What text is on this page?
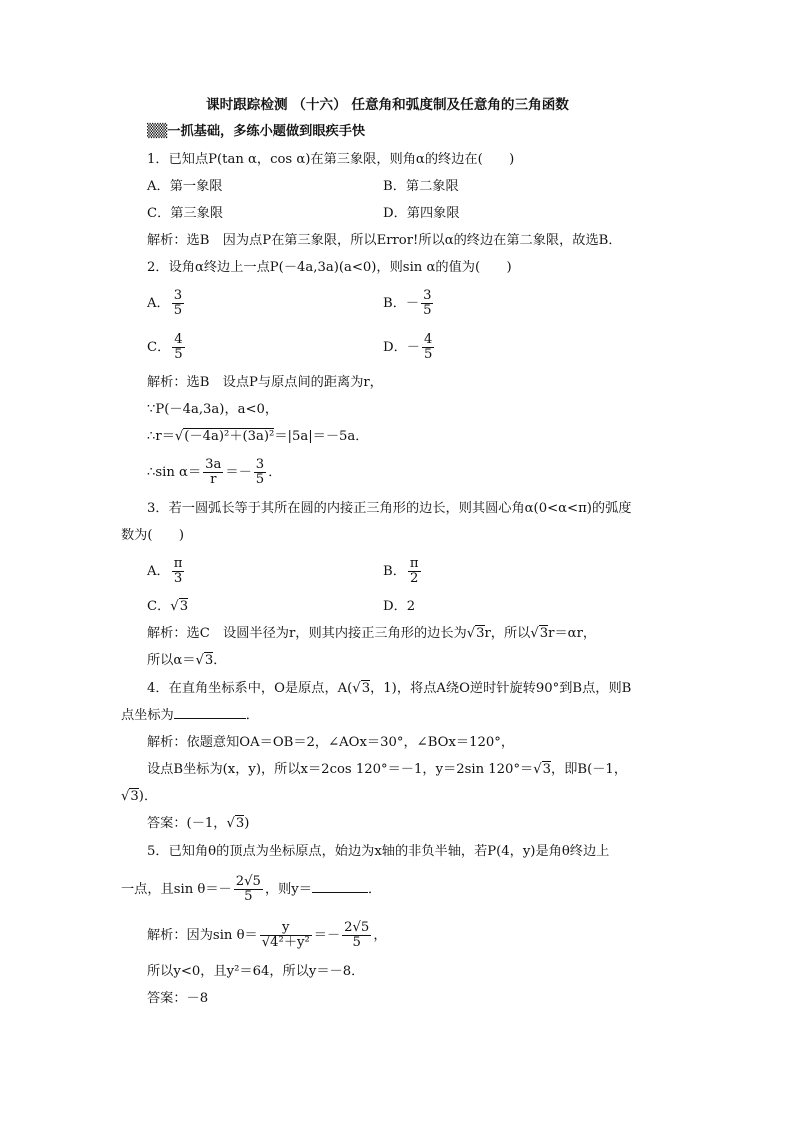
课时跟踪检测 （十六） 任意角和弧度制及任意角的三角函数
▒▒一抓基础，多练小题做到眼疾手快
1．已知点P(tan α，cos α)在第三象限，则角α的终边在(　　)
A．第一象限	B．第二象限
C．第三象限	D．第四象限
解析：选B　因为点P在第三象限，所以Error!所以α的终边在第二象限，故选B．
2．设角α终边上一点P(－4a,3a)(a<0)，则sin α的值为(　　)
A． $\frac{3}{5}$	B．－ $\frac{3}{5}$
C． $\frac{4}{5}$	D．－ $\frac{4}{5}$
解析：选B　设点P与原点间的距离为r，
∵P(－4a,3a)，a<0，
∴r＝√(－4a)²＋(3a)²＝|5a|＝－5a．
∴sin $\alpha= \frac{3a}{r} =- \frac{3}{5}$ ．
3．若一圆弧长等于其所在圆的内接正三角形的边长，则其圆心角α(0<α<π)的弧度
数为(　　)
A． $\frac{\pi}{3}$	B． $\frac{\pi}{2}$
C．√3	D．2
解析：选C　设圆半径为r，则其内接正三角形的边长为√3r，所以√3r＝αr，
所以α＝√3．
4．在直角坐标系中，O是原点，A(√3，1)，将点A绕O逆时针旋转90°到B点，则B
点坐标为	．
解析：依题意知OA＝OB＝2，∠AOx＝30°，∠BOx＝120°，
设点B坐标为(x，y)，所以x＝2cos 120°＝－1，y＝2sin 120°＝√3，即B(－1，
√3)．
答案：(－1，√3)
5．已知角θ的顶点为坐标原点，始边为x轴的非负半轴，若P(4，y)是角θ终边上
一点，且$\sin \theta=- \frac{2√5}{5}$ ，则y＝	．
解析：因为$\sin \theta= \frac{y}{\text{√4²＋y²}} =- \frac{2√5}{5}$ ，
所以y<0，且y²＝64，所以y＝－8．
答案：－8
